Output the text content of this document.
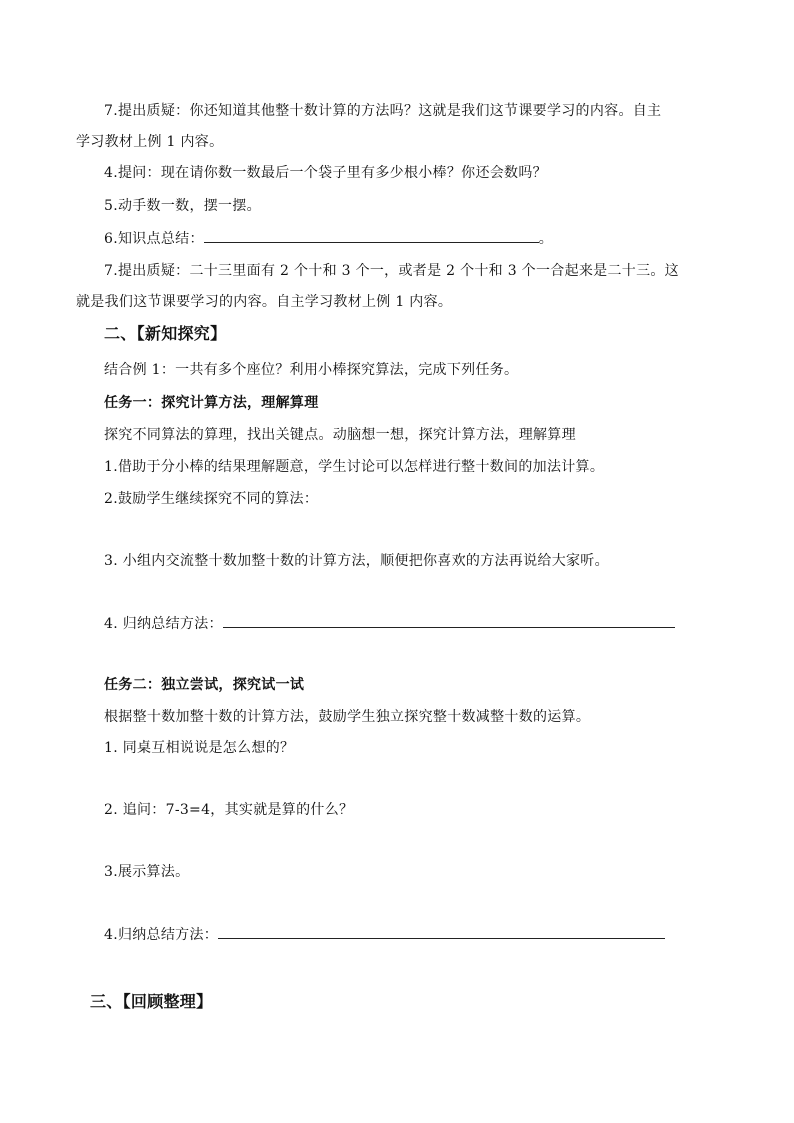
7.提出质疑：你还知道其他整十数计算的方法吗？这就是我们这节课要学习的内容。自主
学习教材上例 1 内容。
4.提问：现在请你数一数最后一个袋子里有多少根小棒？你还会数吗？
5.动手数一数，摆一摆。
6.知识点总结：	。
7.提出质疑：二十三里面有 2 个十和 3 个一，或者是 2 个十和 3 个一合起来是二十三。这
就是我们这节课要学习的内容。自主学习教材上例 1 内容。
二、【新知探究】
结合例 1：一共有多个座位？利用小棒探究算法，完成下列任务。
任务一：探究计算方法，理解算理
探究不同算法的算理，找出关键点。动脑想一想，探究计算方法，理解算理
1.借助于分小棒的结果理解题意，学生讨论可以怎样进行整十数间的加法计算。
2.鼓励学生继续探究不同的算法：
3. 小组内交流整十数加整十数的计算方法，顺便把你喜欢的方法再说给大家听。
4. 归纳总结方法：
任务二：独立尝试，探究试一试
根据整十数加整十数的计算方法，鼓励学生独立探究整十数减整十数的运算。
1. 同桌互相说说是怎么想的？
2. 追问：7-3=4，其实就是算的什么？
3.展示算法。
4.归纳总结方法：
三、【回顾整理】
